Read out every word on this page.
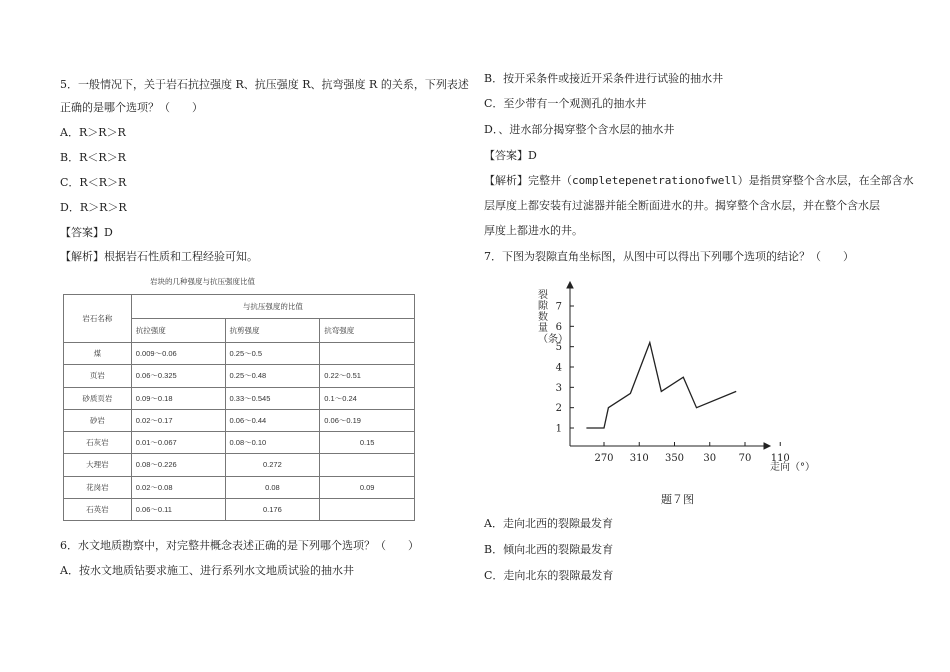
5．一般情况下，关于岩石抗拉强度 R、抗压强度 R、抗弯强度 R 的关系，下列表述
正确的是哪个选项？（　　）
A．R＞R＞R
B．R＜R＞R
C．R＜R＞R
D．R＞R＞R
【答案】D
【解析】根据岩石性质和工程经验可知。
岩块的几种强度与抗压强度比值
岩石名称	与抗压强度的比值		
	抗拉强度	抗剪强度	抗弯强度
煤	0.009～0.06	0.25～0.5	
页岩	0.06～0.325	0.25～0.48	0.22～0.51
砂质页岩	0.09～0.18	0.33～0.545	0.1～0.24
砂岩	0.02～0.17	0.06～0.44	0.06～0.19
石灰岩	0.01～0.067	0.08～0.10	0.15
大理岩	0.08～0.226	0.272	
花岗岩	0.02～0.08	0.08	0.09
石英岩	0.06～0.11	0.176	
6．水文地质勘察中，对完整井概念表述正确的是下列哪个选项？（　　）
A．按水文地质钻要求施工、进行系列水文地质试验的抽水井
B．按开采条件或接近开采条件进行试验的抽水井
C．至少带有一个观测孔的抽水井
D．、进水部分揭穿整个含水层的抽水井
【答案】D
【解析】完整井（completepenetrationofwell）是指贯穿整个含水层，在全部含水
层厚度上都安装有过滤器并能全断面进水的井。揭穿整个含水层，并在整个含水层
厚度上都进水的井。
7．下图为裂隙直角坐标图，从图中可以得出下列哪个选项的结论？（　　）
1
2
3
4
5
6
7
270 310 350 30 70 110
裂隙数量（条）
走向（°）
题７图
A．走向北西的裂隙最发育
B．倾向北西的裂隙最发育
C．走向北东的裂隙最发育
